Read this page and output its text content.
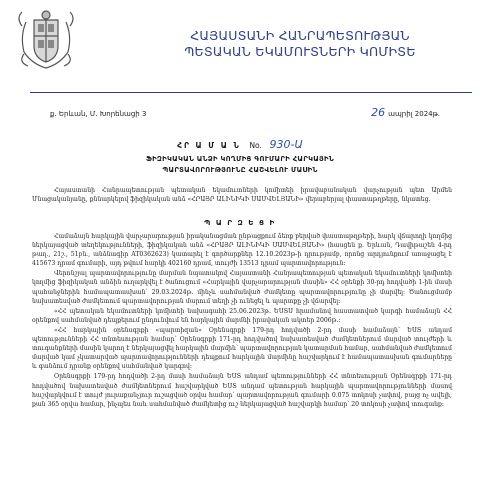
ՀԱՅԱՍՏԱՆԻ ՀԱՆՐԱՊԵՏՈՒԹՅԱՆ
ՊԵՏԱԿԱՆ ԵԿԱՄՈՒՏՆԵՐԻ ԿՈՄԻՏԵ
ք. Երևան, Մ. Խորենացի 3	26 ապրիլ 2024թ.
ՀՐ Ա Մ Ա Ն No. 930-Ա
ՖԻԶԻԿԱԿԱՆ ԱՆՁԻ ԿՈՂՄԻՑ ԳՈՒՄԱՐԻ ՀԱՐԿԱՅԻՆ
ՊԱՐՏԱՎՈՐՈՒԹՅՈՒՆԸ ՀԱՇՎԵԼՈՒ ՄԱՍԻՆ

Հայաստանի Հանրապետության պետական եկամուտների կոմիտեի իրավաբանական վարչության պետ Արմեն Մնացականյանը, քննարկելով ֆիզիկական անձ «ՀՐԱՅՐ ԱԼԻՆԻԿԻ ՍԱՄՎԵԼՅԱՆԻ» վերաբերյալ փաստաթղթերը, նկատեց.

Պ Ա Ր Զ Ե Ց Ի

Համաձայն հարկային վարչարարության իրականացման ընթացքում ձեռք բերված փաստաթղթերի, հարկ վճարողի կողմից ներկայացված տեղեկությունների, ֆիզիկական անձ «ՀՐԱՅՐ ԱԼԻՆԻԿԻ ՍԱՄՎԵԼՅԱՆԻ» (հասցեն ք. Երևան, Դավիթաշեն 4-րդ թաղ., 21շ., 51բն., անձնագիր AT0362623) կատարել է գործարքներ 12.10.2023թ-ի դրությամբ, որոնց արդյունքում առաջացել է 415673 դրամ գումարի, այդ թվում հարկի 402160 դրամ, տույժի 13513 դրամ պարտավորություն:

Վերոնշյալ պարտավորությունը մարման նպատակով Հայաստանի Հանրապետության պետական եկամուտների կոմիտեի կողմից ֆիզիկական անձին ուղարկվել է ծանուցում «Հարկային վարչարարության մասին» ՀՀ օրենքի 30-րդ հոդվածի 1-ին մասի պահանջներին համապատասխան՝ 29.03.2024թ. մինչև սահմանված ժամկետը պարտավորությունը չի մարվել: Ծանուցմամբ նախատեսված ժամկետում պարտավորության մարում տեղի չի ունեցել և պարտքը չի վճարվել:

«ՀՀ պետական եկամուտների կոմիտեի նախագահի 25.06.2023թ. ԵՍՏՍ հրամանով հաստատված կարգի համաձայն ՀՀ օրենքով սահմանված դեպքերում ընդունվում են հարկային մարմնի իրավական ակտեր 2006թ.:

«ՀՀ հարկային օրենսգրքի «պարտիզան» Օրենսգրքի 179-րդ հոդվածի 2-րդ մասի համաձայն՝ ԵՍՏ անդամ պետությունների ՀՀ տնտեսության համար՝ Օրենսգրքի 171-րդ հոդվածով նախատեսված ժամկետներում մարված տույժերի և տուգանքների մասին կարող է ներկայացվել հարկային մարմին՝ պարտավորության կատարման համար, սահմանված ժամկետում մարված կամ չկատարված պարտավորությունների դեպքում հարկային մարմինը հաշվարկում է համապատասխան գումարները և գանձում դրանք օրենքով սահմանված կարգով:

Օրենսգրքի 179-րդ հոդվածի 2-րդ մասի համաձայն ԵՍՏ անդամ պետությունների ՀՀ տնտեսության Օրենսգրքի 171-րդ հոդվածով նախատեսված ժամկետներում հաշվարկված ԵՍՏ անդամ պետության հարկային պարտավորությունների մասով հաշվարկվում է տույժ յուրաքանչյուր ուշացված օրվա համար՝ պարտավորության գումարի 0.075 տոկոսի չափով, բայց ոչ ավելի, քան 365 օրվա համար, ինչպես նաև սահմանված ժամկետից ուշ ներկայացված հաշվարկի համար՝ 20 տոկոսի չափով տուգանք:
